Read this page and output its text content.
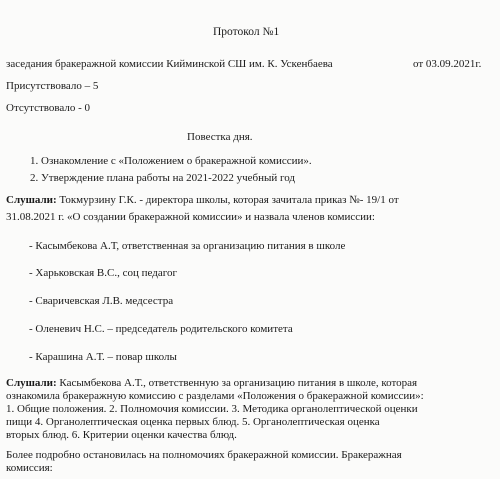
Протокол №1
заседания бракеражной комиссии Кийминской СШ им. К. Ускенбаева	от 03.09.2021г.
Присутствовало – 5
Отсутствовало - 0
Повестка дня.
1. Ознакомление с «Положением о бракеражной комиссии».
2. Утверждение плана работы на 2021-2022 учебный год
Слушали: Токмурзину Г.К. - директора школы, которая зачитала приказ №- 19/1 от
31.08.2021 г. «О создании бракеражной комиссии» и назвала членов комиссии:
- Касымбекова А.Т, ответственная за организацию питания в школе
- Харьковская В.С., соц педагог
- Сваричевская Л.В. медсестра
- Оленевич Н.С. – председатель родительского комитета
- Карашина А.Т. – повар школы
Слушали: Касымбекова А.Т., ответственную за организацию питания в школе, которая
ознакомила бракеражную комиссию с разделами «Положения о бракеражной комиссии»:
1. Общие положения. 2. Полномочия комиссии. 3. Методика органолептической оценки
пищи 4. Органолептическая оценка первых блюд. 5. Органолептическая оценка
вторых блюд. 6. Критерии оценки качества блюд.
Более подробно остановилась на полномочиях бракеражной комиссии. Бракеражная
комиссия:
